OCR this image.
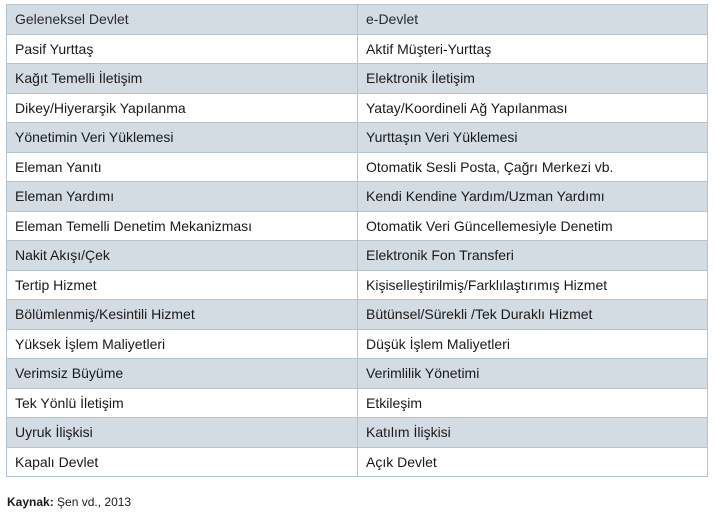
Geleneksel Devlet	e-Devlet
Pasif Yurttaş	Aktif Müşteri-Yurttaş
Kağıt Temelli İletişim	Elektronik İletişim
Dikey/Hiyerarşik Yapılanma	Yatay/Koordineli Ağ Yapılanması
Yönetimin Veri Yüklemesi	Yurttaşın Veri Yüklemesi
Eleman Yanıtı	Otomatik Sesli Posta, Çağrı Merkezi vb.
Eleman Yardımı	Kendi Kendine Yardım/Uzman Yardımı
Eleman Temelli Denetim Mekanizması	Otomatik Veri Güncellemesiyle Denetim
Nakit Akışı/Çek	Elektronik Fon Transferi
Tertip Hizmet	Kişiselleştirilmiş/Farklılaştırımış Hizmet
Bölümlenmiş/Kesintili Hizmet	Bütünsel/Sürekli /Tek Duraklı Hizmet
Yüksek İşlem Maliyetleri	Düşük İşlem Maliyetleri
Verimsiz Büyüme	Verimlilik Yönetimi
Tek Yönlü İletişim	Etkileşim
Uyruk İlişkisi	Katılım İlişkisi
Kapalı Devlet	Açık Devlet
Kaynak: Şen vd., 2013
